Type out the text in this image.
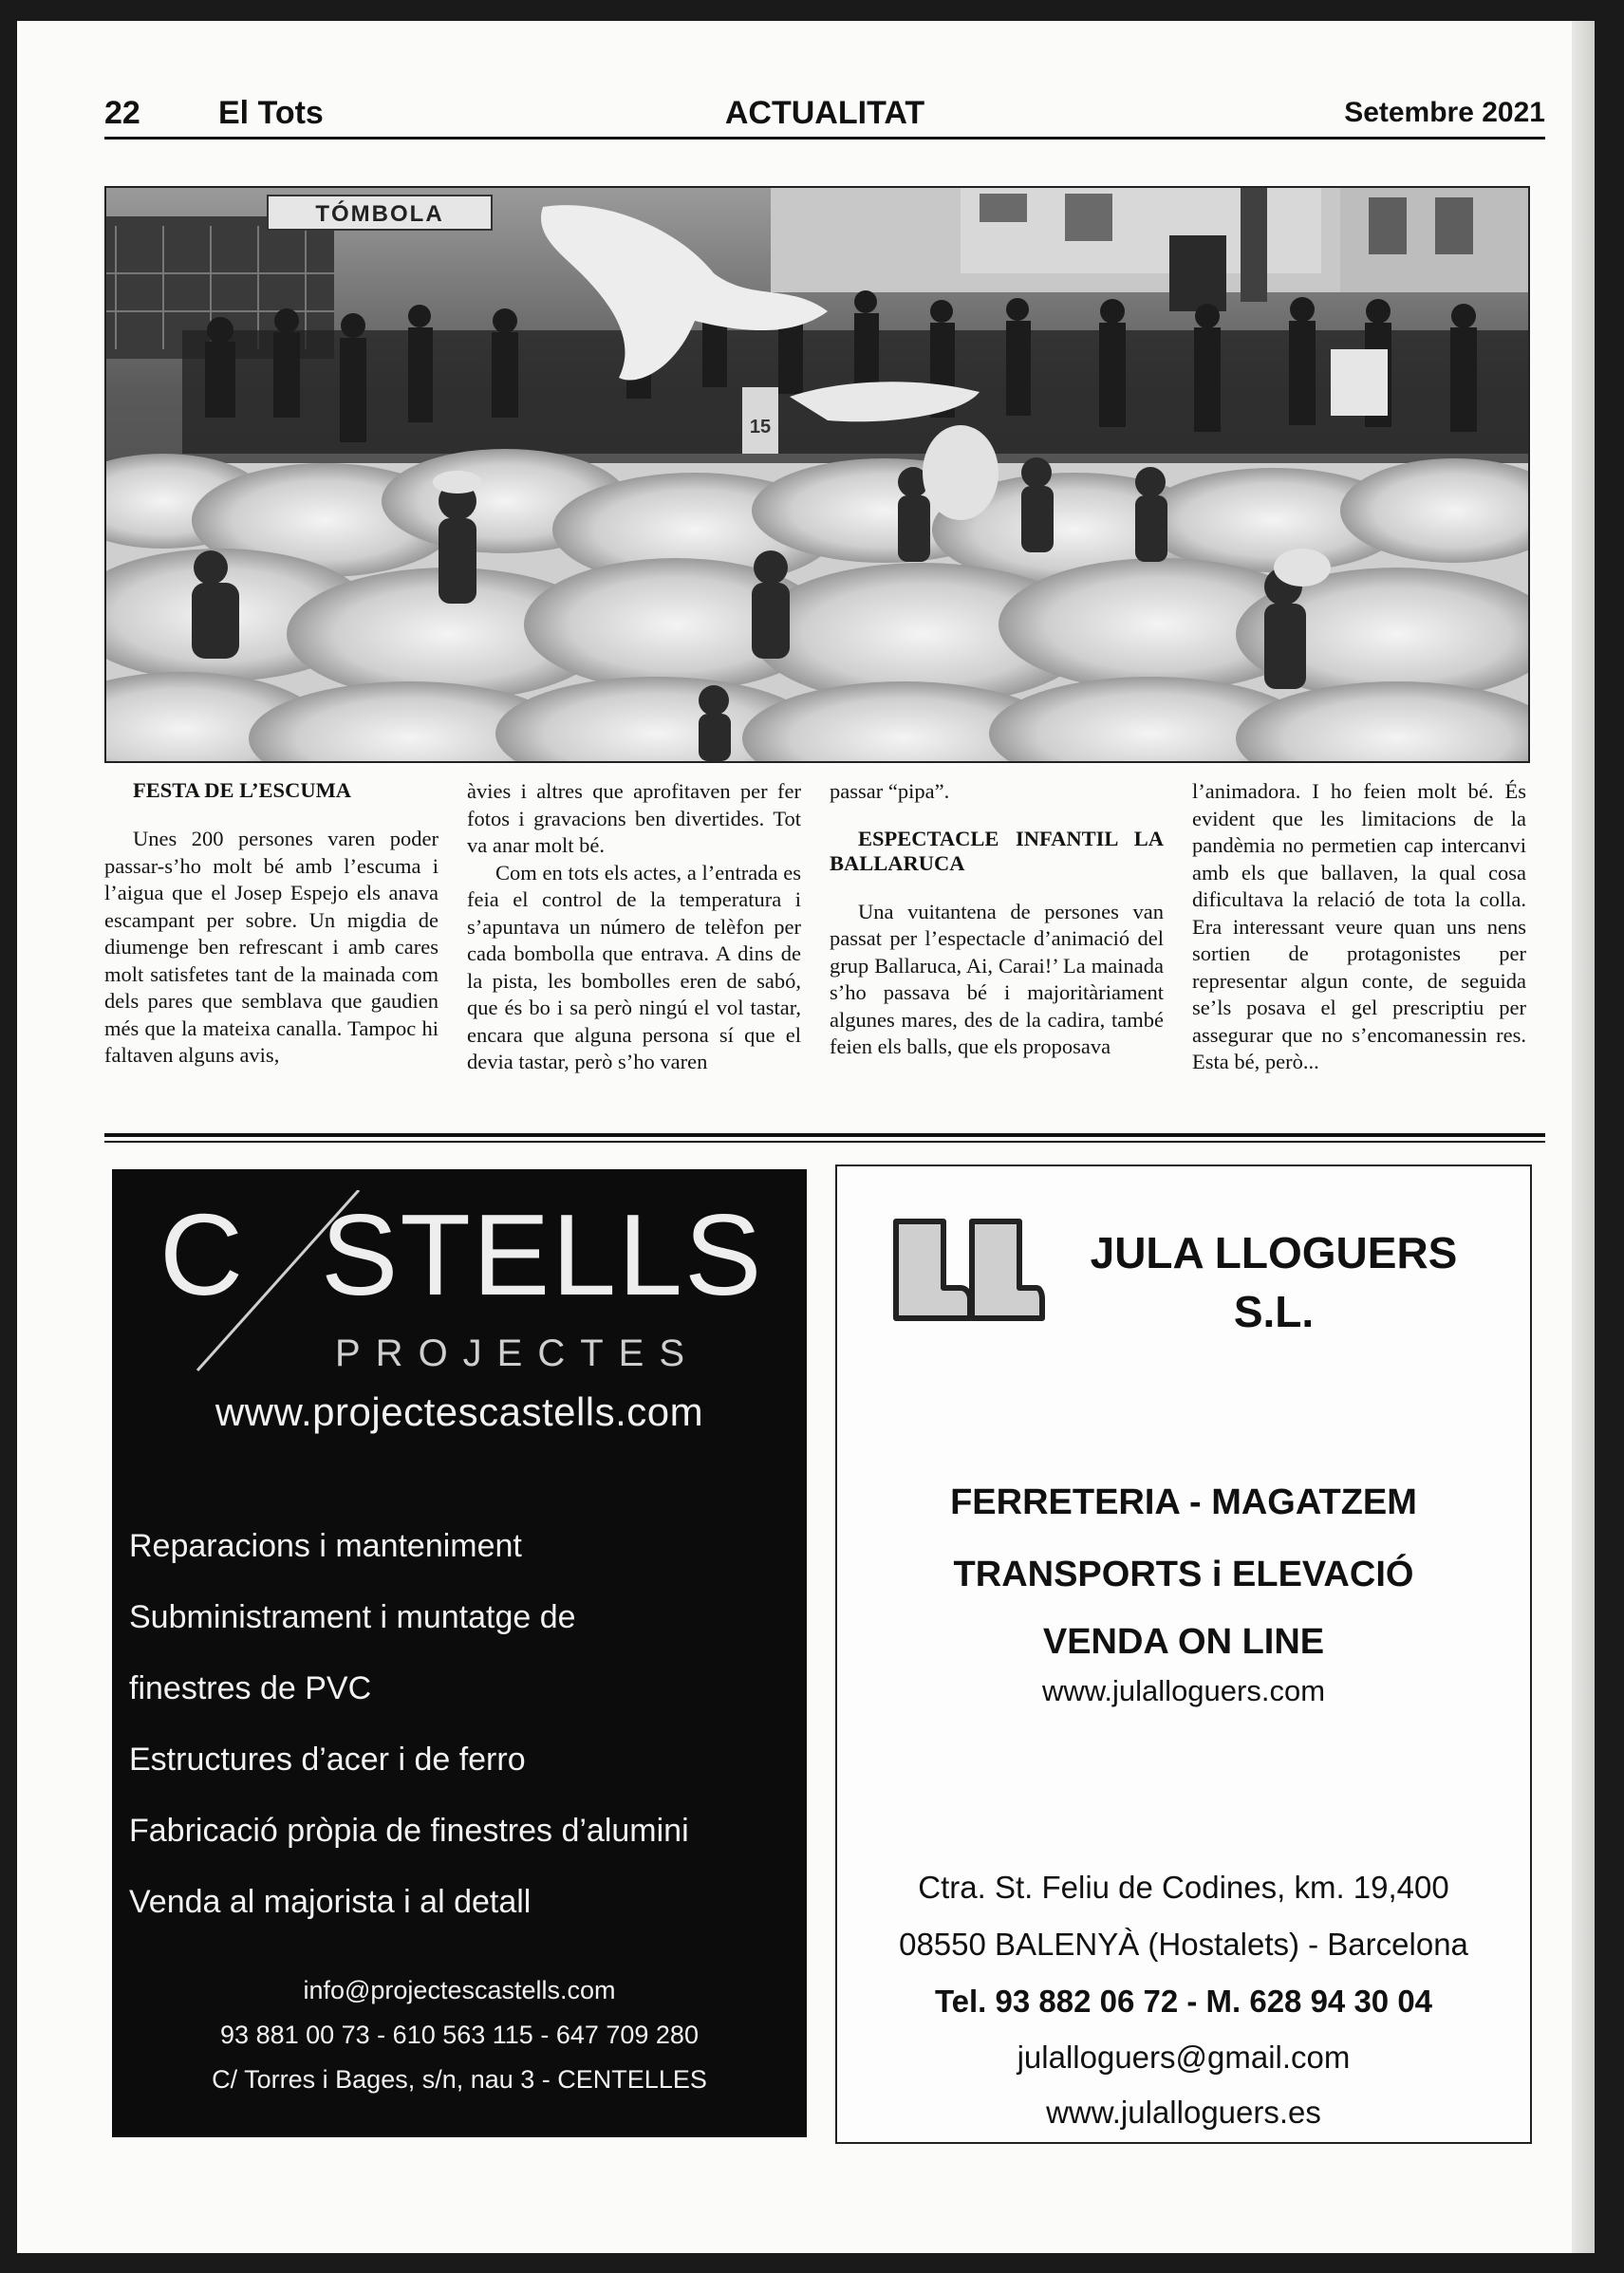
22 El Tots	ACTUALITAT	Setembre 2021
TÓMBOLA
15
FESTA DE L’ESCUMA

Unes 200 persones varen poder passar-s’ho molt bé amb l’escuma i l’aigua que el Josep Espejo els anava escampant per sobre. Un migdia de diumenge ben refrescant i amb cares molt satisfetes tant de la mainada com dels pares que semblava que gaudien més que la mateixa canalla. Tampoc hi faltaven alguns avis,

àvies i altres que aprofitaven per fer fotos i gravacions ben divertides. Tot va anar molt bé.

Com en tots els actes, a l’entrada es feia el control de la temperatura i s’apuntava un número de telèfon per cada bombolla que entrava. A dins de la pista, les bombolles eren de sabó, que és bo i sa però ningú el vol tastar, encara que alguna persona sí que el devia tastar, però s’ho varen

passar “pipa”.

ESPECTACLE INFANTIL LA BALLARUCA

Una vuitantena de persones van passat per l’espectacle d’animació del grup Ballaruca, Ai, Carai!’ La mainada s’ho passava bé i majoritàriament algunes mares, des de la cadira, també feien els balls, que els proposava

l’animadora. I ho feien molt bé. És evident que les limitacions de la pandèmia no permetien cap intercanvi amb els que ballaven, la qual cosa dificultava la relació de tota la colla. Era interessant veure quan uns nens sortien de protagonistes per representar algun conte, de seguida se’ls posava el gel prescriptiu per assegurar que no s’encomanessin res. Esta bé, però...

C STELLS
PROJECTES
www.projectescastells.com
Reparacions i manteniment
Subministrament i muntatge de
finestres de PVC
Estructures d’acer i de ferro
Fabricació pròpia de finestres d’alumini
Venda al majorista i al detall
info@projectescastells.com
93 881 00 73 - 610 563 115 - 647 709 280
C/ Torres i Bages, s/n, nau 3 - CENTELLES
JULA LLOGUERS
S.L.
FERRETERIA - MAGATZEM
TRANSPORTS i ELEVACIÓ
VENDA ON LINE
www.julalloguers.com
Ctra. St. Feliu de Codines, km. 19,400
08550 BALENYÀ (Hostalets) - Barcelona
Tel. 93 882 06 72 - M. 628 94 30 04
julalloguers@gmail.com
www.julalloguers.es
